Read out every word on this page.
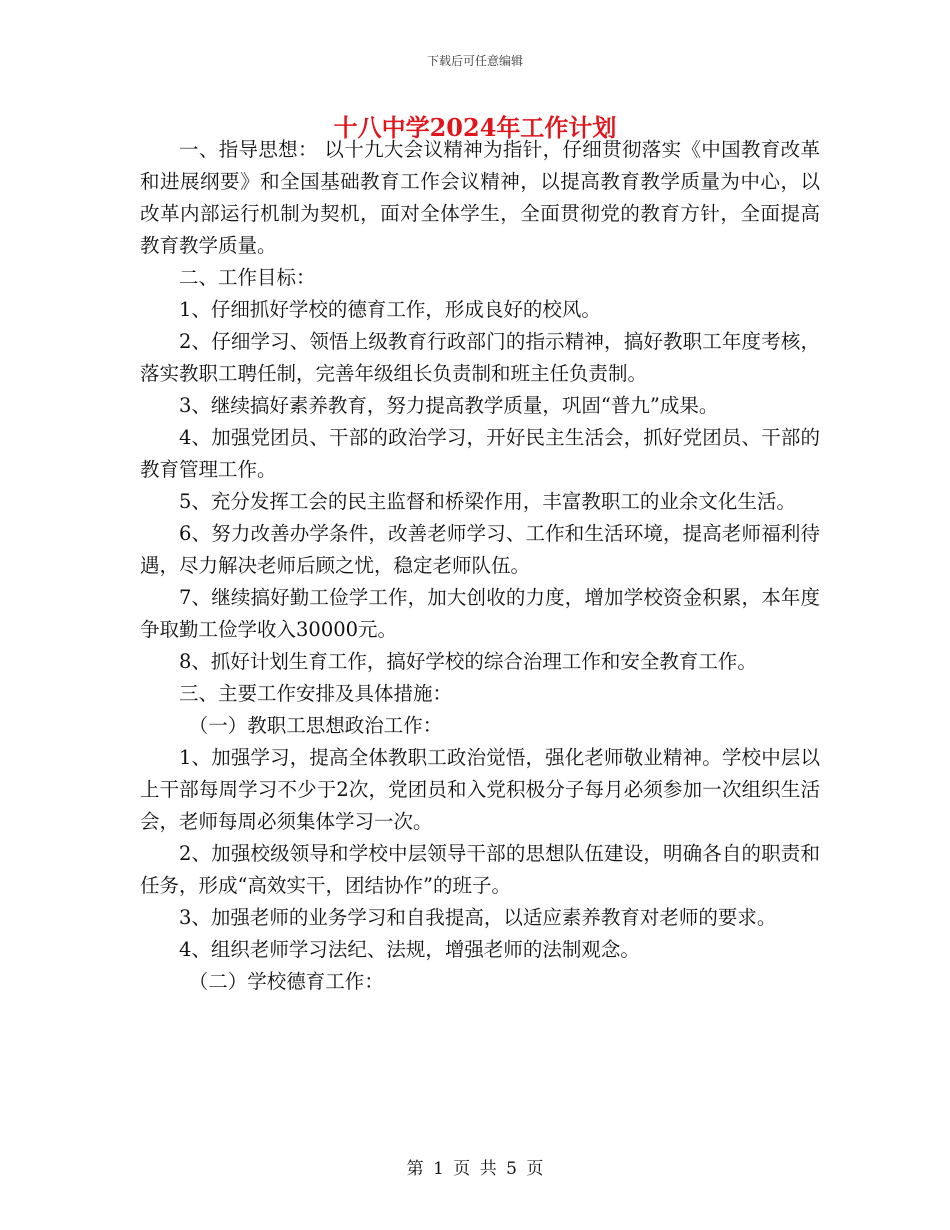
下载后可任意编辑
十八中学2024年工作计划

一、指导思想： 以十九大会议精神为指针，仔细贯彻落实《中国教育改革和进展纲要》和全国基础教育工作会议精神，以提高教育教学质量为中心，以改革内部运行机制为契机，面对全体学生，全面贯彻党的教育方针，全面提高教育教学质量。

二、工作目标：

1、仔细抓好学校的德育工作，形成良好的校风。

2、仔细学习、领悟上级教育行政部门的指示精神，搞好教职工年度考核，落实教职工聘任制，完善年级组长负责制和班主任负责制。

3、继续搞好素养教育，努力提高教学质量，巩固“普九”成果。

4、加强党团员、干部的政治学习，开好民主生活会，抓好党团员、干部的教育管理工作。

5、充分发挥工会的民主监督和桥梁作用，丰富教职工的业余文化生活。

6、努力改善办学条件，改善老师学习、工作和生活环境，提高老师福利待遇，尽力解决老师后顾之忧，稳定老师队伍。

7、继续搞好勤工俭学工作，加大创收的力度，增加学校资金积累，本年度争取勤工俭学收入30000元。

8、抓好计划生育工作，搞好学校的综合治理工作和安全教育工作。

三、主要工作安排及具体措施：

（一）教职工思想政治工作：

1、加强学习，提高全体教职工政治觉悟，强化老师敬业精神。学校中层以上干部每周学习不少于2次，党团员和入党积极分子每月必须参加一次组织生活会，老师每周必须集体学习一次。

2、加强校级领导和学校中层领导干部的思想队伍建设，明确各自的职责和任务，形成“高效实干，团结协作”的班子。

3、加强老师的业务学习和自我提高，以适应素养教育对老师的要求。

4、组织老师学习法纪、法规，增强老师的法制观念。

（二）学校德育工作：

第 1 页 共 5 页
